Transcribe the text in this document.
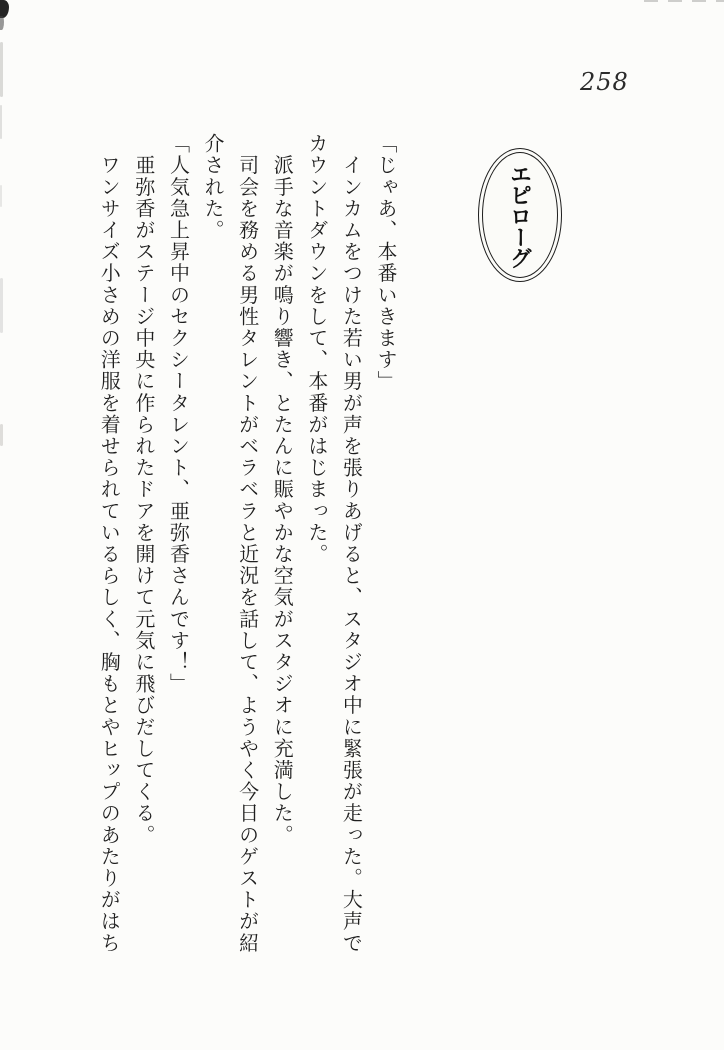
258
エピローグ

「じゃあ、本番いきます」

　インカムをつけた若い男が声を張りあげると、スタジオ中に緊張が走った。大声で

カウントダウンをして、本番がはじまった。

　派手な音楽が鳴り響き、とたんに賑やかな空気がスタジオに充満した。

　司会を務める男性タレントがベラベラと近況を話して、ようやく今日のゲストが紹

介された。

「人気急上昇中のセクシータレント、亜弥香さんです！」

　亜弥香がステージ中央に作られたドアを開けて元気に飛びだしてくる。

　ワンサイズ小さめの洋服を着せられているらしく、胸もとやヒップのあたりがはち
